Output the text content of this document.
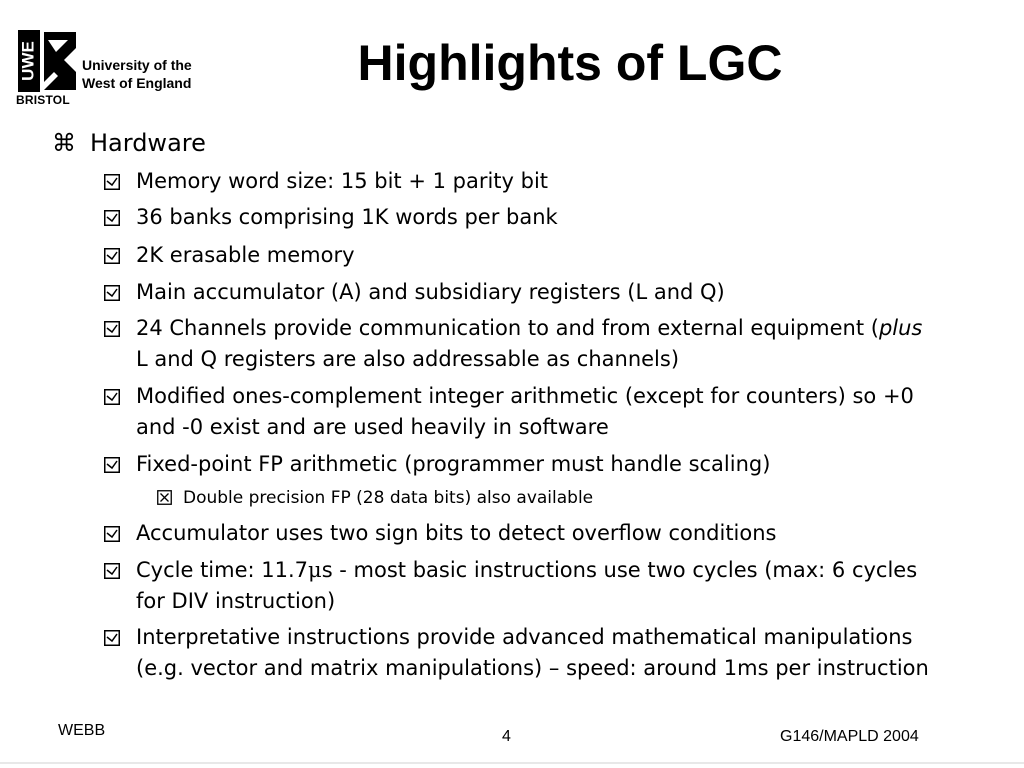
UWE
BRISTOL
University of the
West of England	Highlights of LGC
⌘ Hardware
Memory word size: 15 bit + 1 parity bit
36 banks comprising 1K words per bank
2K erasable memory
Main accumulator (A) and subsidiary registers (L and Q)
24 Channels provide communication to and from external equipment (plus L and Q registers are also addressable as channels)
Modified ones-complement integer arithmetic (except for counters) so +0 and -0 exist and are used heavily in software
Fixed-point FP arithmetic (programmer must handle scaling)
Double precision FP (28 data bits) also available
Accumulator uses two sign bits to detect overflow conditions
Cycle time: 11.7μs - most basic instructions use two cycles (max: 6 cycles for DIV instruction)
Interpretative instructions provide advanced mathematical manipulations (e.g. vector and matrix manipulations) – speed: around 1ms per instruction
WEBB	4	G146/MAPLD 2004
